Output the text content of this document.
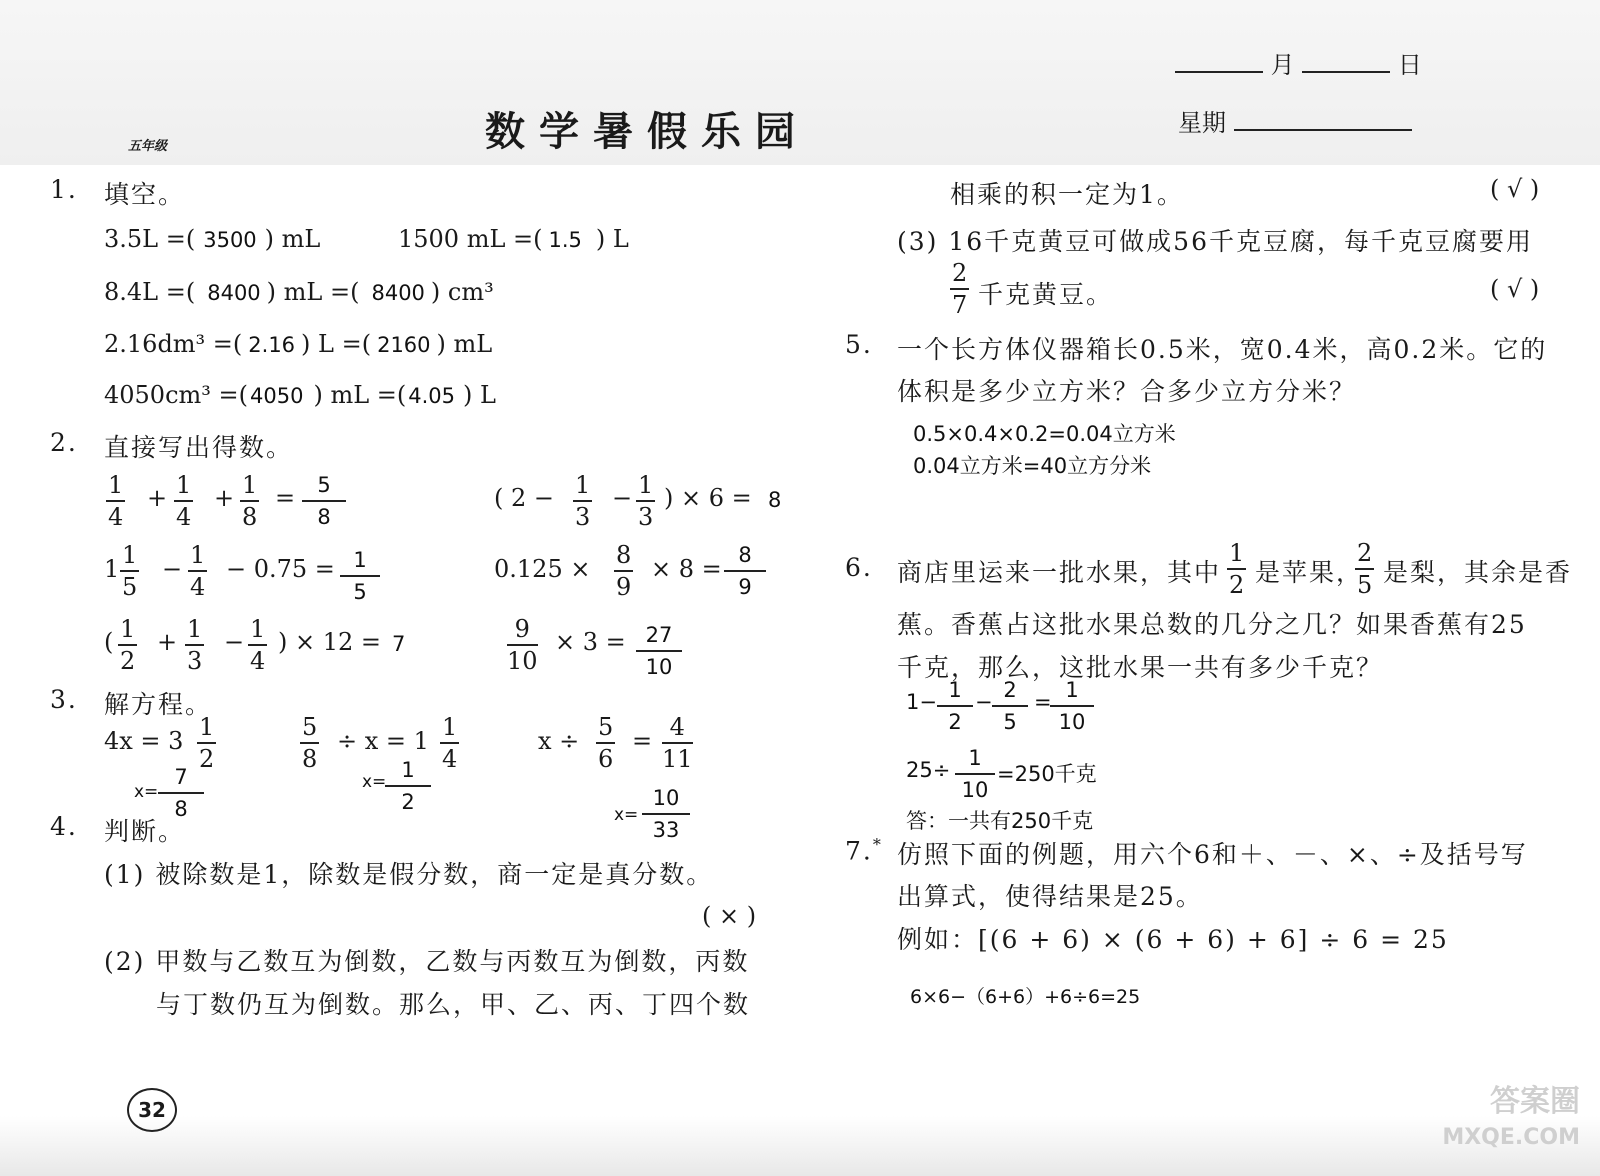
五年级	数学暑假乐园
月	日
星期
1. 填空。
3.5L =( 3500 ) mL	1500 mL =( 1.5 ) L
8.4L =( 8400 ) mL =( 8400 ) cm³
2.16dm³ =( 2.16 ) L =( 2160 ) mL
4050cm³ =(4050 ) mL =(4.05 ) L
2. 直接写出得数。
$\frac{1}{4} + \frac{1}{4} + \frac{1}{8} = \frac{5}{8}$	( $2 - \frac{1}{3} - \frac{1}{3}$ ) × 6 = 8
$1 \frac{1}{5} - \frac{1}{4} - 0.75 = \frac{1}{5}$	$0.125 \times \frac{8}{9} \times 8 = \frac{8}{9}$
( $\frac{1}{2} + \frac{1}{3} - \frac{1}{4}$ ) × 12 = 7	$\frac{9}{10} \times 3 = \frac{27}{10}$
3. 解方程。
$4x = 3 \frac{1}{2}$
$x= \frac{7}{8}$
$\frac{5}{8} \div x = 1 \frac{1}{4}$
x=
$\frac{1}{2}$
$x \div \frac{5}{6} = \frac{4}{11}$
$x= \frac{10}{33}$
4. 判断。
(1) 被除数是1，除数是假分数，商一定是真分数。
( × )
(2) 甲数与乙数互为倒数，乙数与丙数互为倒数，丙数
与丁数仍互为倒数。那么，甲、乙、丙、丁四个数
相乘的积一定为1。	( √ )
(3) 16千克黄豆可做成56千克豆腐，每千克豆腐要用
$\frac{2}{7}$ 千克黄豆。	( √ )
5. 一个长方体仪器箱长0.5米，宽0.4米，高0.2米。它的
体积是多少立方米？合多少立方分米？
0.5×0.4×0.2=0.04立方米
0.04立方米=40立方分米
6. 商店里运来一批水果，其中 $\frac{1}{2}$ 是苹果，
$\frac{2}{5}$ 是梨，其余是香
蕉。香蕉占这批水果总数的几分之几？如果香蕉有25
千克，那么，这批水果一共有多少千克？
$1- \frac{1}{2} - \frac{2}{5}$ =
$\frac{1}{10}$
$25\div \frac{1}{10} =250$千克
答：一共有250千克
7.* 仿照下面的例题，用六个6和＋、－、×、÷及括号写
出算式，使得结果是25。
例如：[(6 + 6) × (6 + 6) + 6] ÷ 6 = 25
6×6−（6+6）+6÷6=25
32	答案圈
MXQE.COM
